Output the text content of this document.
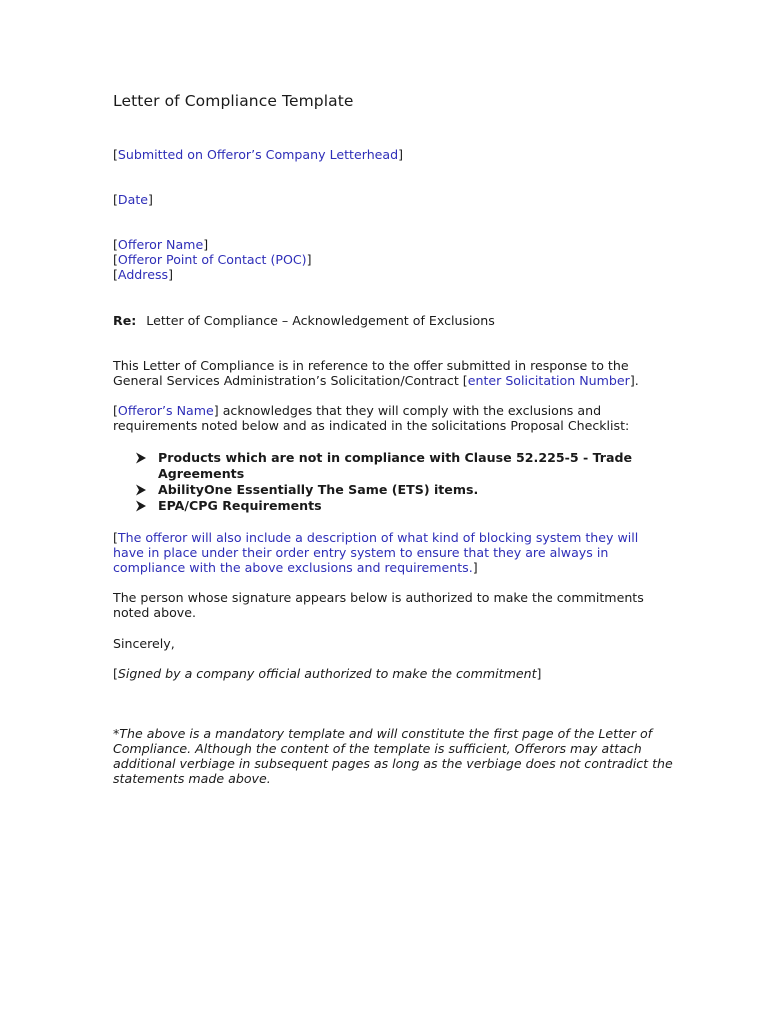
Letter of Compliance Template

[Submitted on Offeror’s Company Letterhead]

[Date]

[Offeror Name]
[Offeror Point of Contact (POC)]
[Address]

Re: Letter of Compliance – Acknowledgement of Exclusions

This Letter of Compliance is in reference to the offer submitted in response to the General Services Administration’s Solicitation/Contract [enter Solicitation Number].

[Offeror’s Name] acknowledges that they will comply with the exclusions and requirements noted below and as indicated in the solicitations Proposal Checklist:

Products which are not in compliance with Clause 52.225-5 - Trade Agreements
AbilityOne Essentially The Same (ETS) items.
EPA/CPG Requirements

[The offeror will also include a description of what kind of blocking system they will have in place under their order entry system to ensure that they are always in compliance with the above exclusions and requirements.]

The person whose signature appears below is authorized to make the commitments noted above.

Sincerely,

[Signed by a company official authorized to make the commitment]

*The above is a mandatory template and will constitute the first page of the Letter of Compliance. Although the content of the template is sufficient, Offerors may attach additional verbiage in subsequent pages as long as the verbiage does not contradict the statements made above.
